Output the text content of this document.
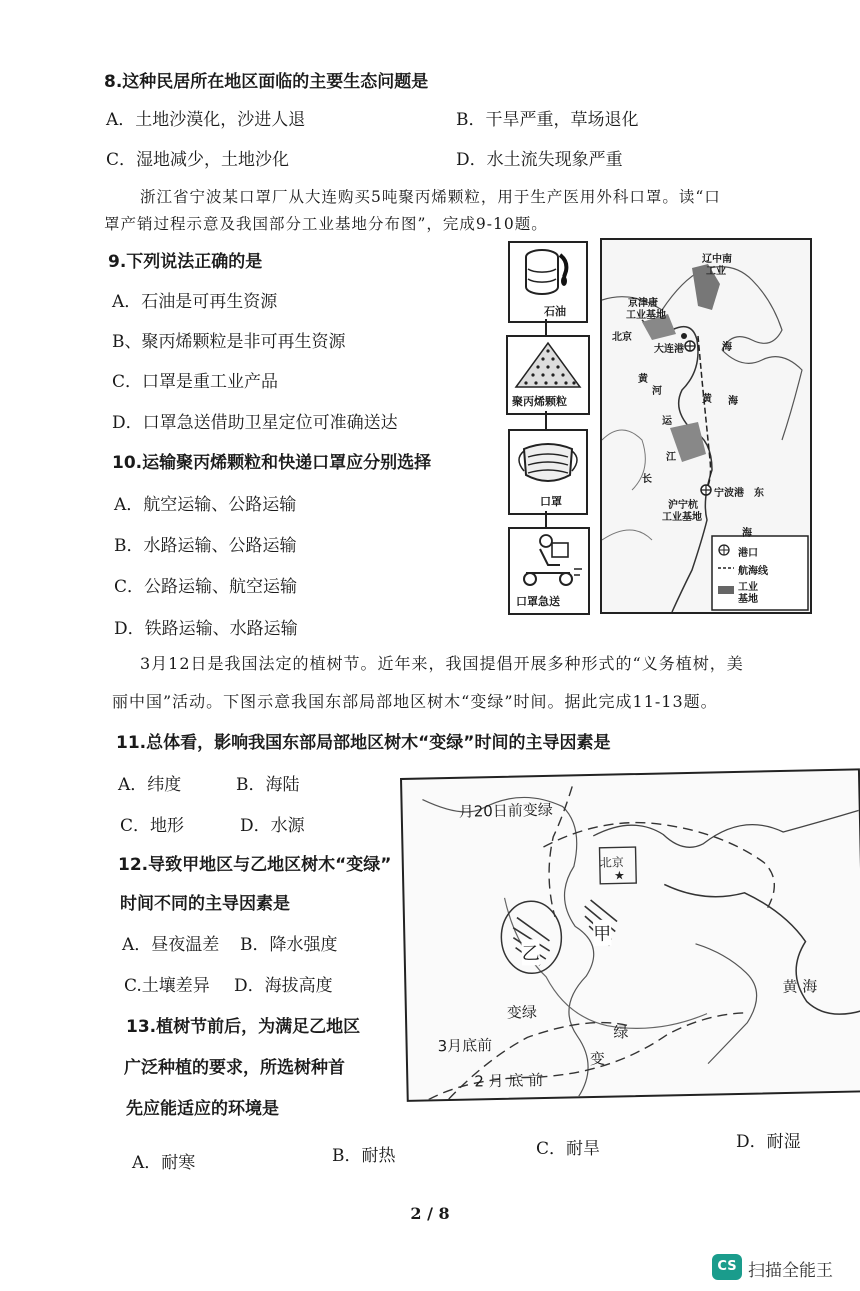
8.这种民居所在地区面临的主要生态问题是
A．土地沙漠化，沙进人退	B．干旱严重，草场退化
C．湿地减少，土地沙化	D．水土流失现象严重
浙江省宁波某口罩厂从大连购买5吨聚丙烯颗粒，用于生产医用外科口罩。读“口
罩产销过程示意及我国部分工业基地分布图”，完成9-10题。
9.下列说法正确的是
A．石油是可再生资源
B、聚丙烯颗粒是非可再生资源
C．口罩是重工业产品
D．口罩急送借助卫星定位可准确送达
10.运输聚丙烯颗粒和快递口罩应分别选择
A．航空运输、公路运输
B．水路运输、公路运输
C．公路运输、航空运输
D．铁路运输、水路运输
石油
聚丙烯颗粒
口罩
口罩急送
辽中南
工业
京津唐
工业基地
北京
大连港
黄
河
海
黄 海
运
江
长
宁波港 东
沪宁杭
工业基地
海
港口
航海线
工业
基地
3月12日是我国法定的植树节。近年来，我国提倡开展多种形式的“义务植树，美
丽中国”活动。下图示意我国东部局部地区树木“变绿”时间。据此完成11-13题。
11.总体看，影响我国东部局部地区树木“变绿”时间的主导因素是
A．纬度	B．海陆
C．地形	D．水源
12.导致甲地区与乙地区树木“变绿”
时间不同的主导因素是
A．昼夜温差 B．降水强度
C.土壤差异 D．海拔高度
13.植树节前后，为满足乙地区
广泛种植的要求，所选树种首
先应能适应的环境是
A．耐寒	B．耐热	C．耐旱	D．耐湿
★
月20日前变绿
北京
甲
乙
黄 海
变绿
3月底前
绿
变
2 月 底 前
2 / 8
CS 扫描全能王
